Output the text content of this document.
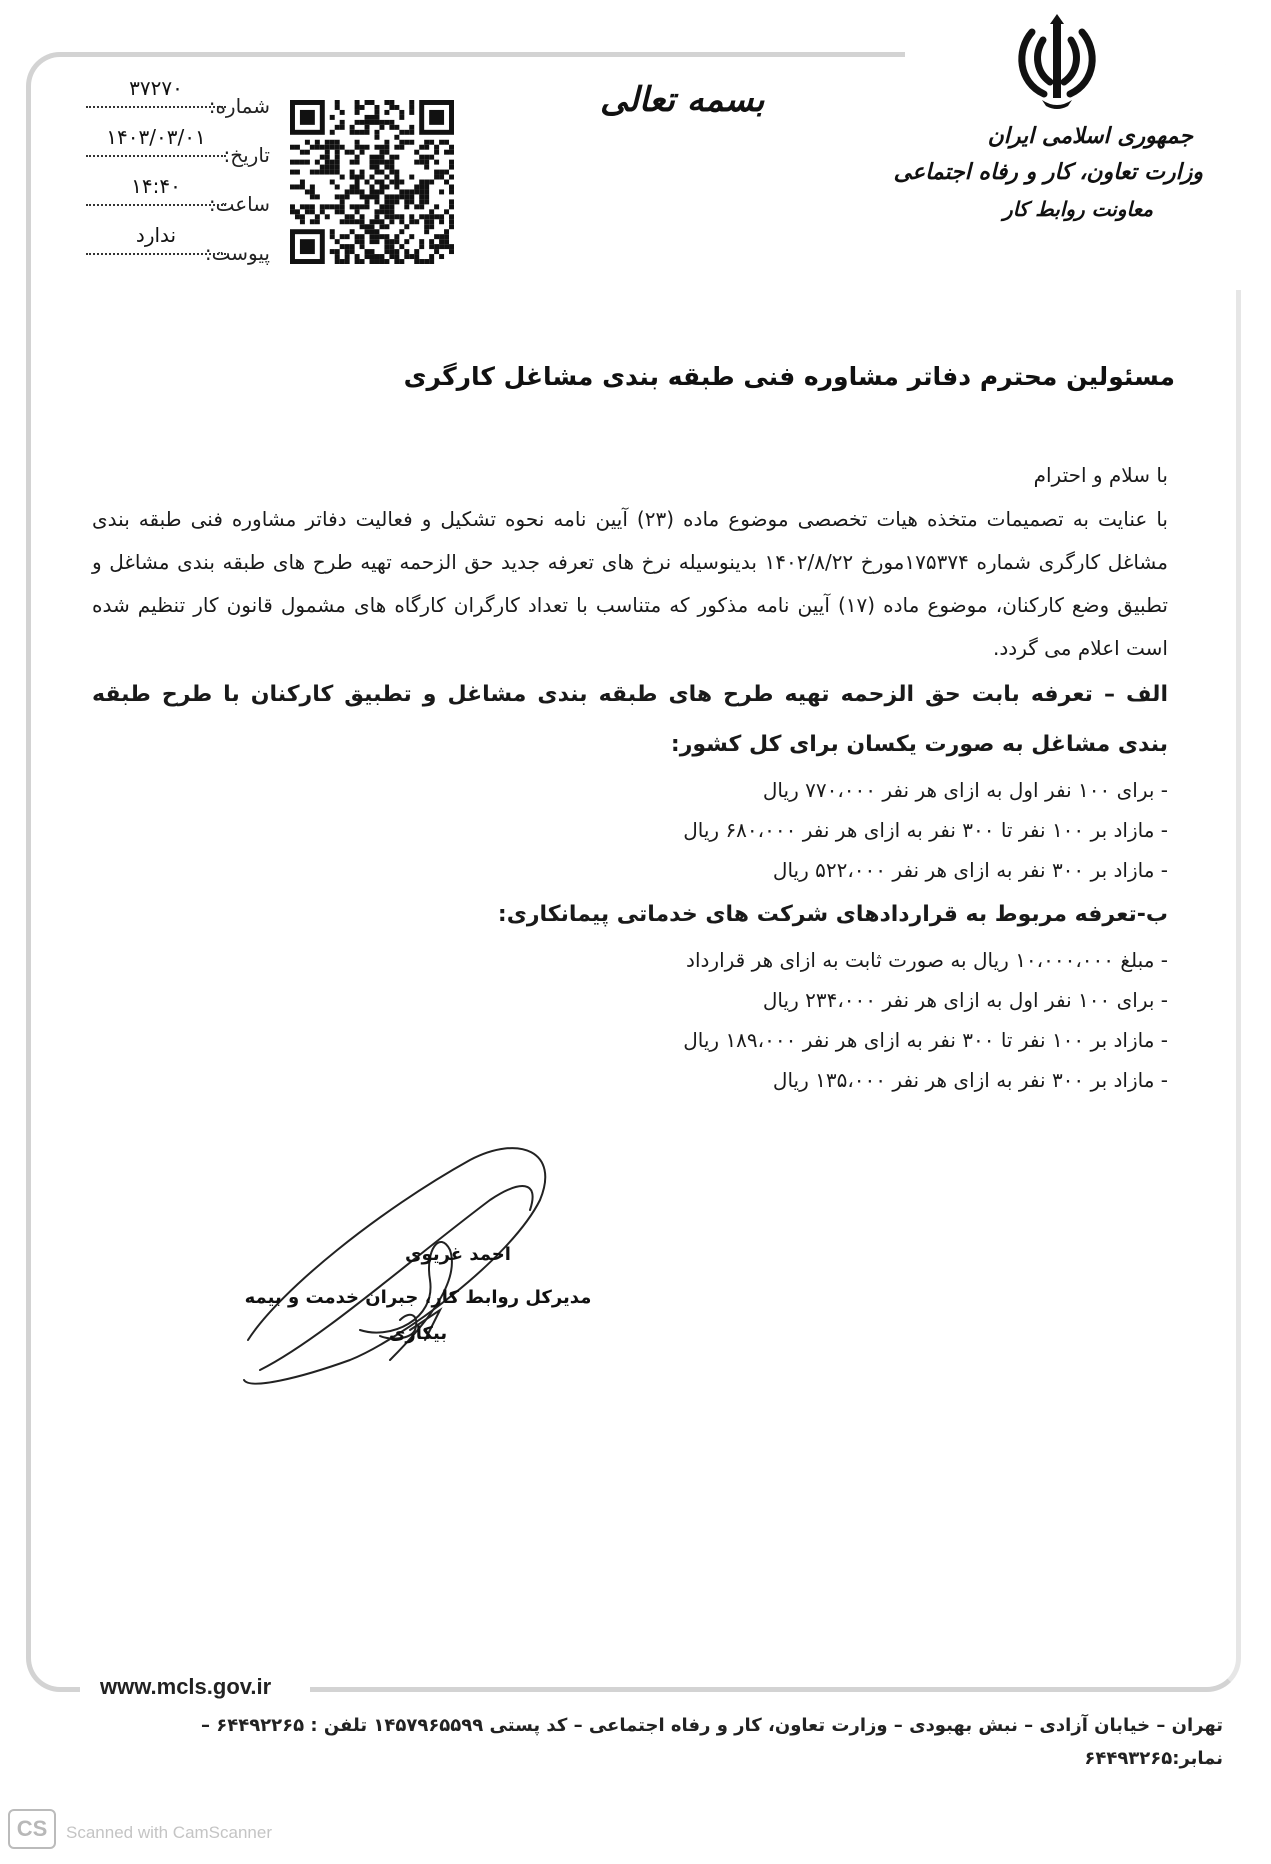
جمهوری اسلامی ایران
وزارت تعاون، کار و رفاه اجتماعی
معاونت روابط کار
بسمه تعالی
شماره:
۳۷۲۷۰
تاریخ:
۱۴۰۳/۰۳/۰۱
ساعت:
۱۴:۴۰
پیوست:
ندارد
مسئولین محترم دفاتر مشاوره فنی طبقه بندی مشاغل کارگری

با سلام و احترام

با عنایت به تصمیمات متخذه هیات تخصصی موضوع ماده (۲۳) آیین نامه نحوه تشکیل و فعالیت دفاتر مشاوره فنی طبقه بندی مشاغل کارگری شماره ۱۷۵۳۷۴مورخ ۱۴۰۲/۸/۲۲ بدینوسیله نرخ های تعرفه جدید حق الزحمه تهیه طرح های طبقه بندی مشاغل و تطبیق وضع کارکنان، موضوع ماده (۱۷) آیین نامه مذکور که متناسب با تعداد کارگران کارگاه های مشمول قانون کار تنظیم شده است اعلام می گردد.

الف – تعرفه بابت حق الزحمه تهیه طرح های طبقه بندی مشاغل و تطبیق کارکنان با طرح طبقه بندی مشاغل به صورت یکسان برای کل کشور:

- برای ۱۰۰ نفر اول به ازای هر نفر ۷۷۰،۰۰۰ ریال

- مازاد بر ۱۰۰ نفر تا ۳۰۰ نفر به ازای هر نفر ۶۸۰،۰۰۰ ریال

- مازاد بر ۳۰۰ نفر به ازای هر نفر ۵۲۲،۰۰۰ ریال

ب-تعرفه مربوط به قراردادهای شرکت های خدماتی پیمانکاری:

- مبلغ ۱۰،۰۰۰،۰۰۰ ریال به صورت ثابت به ازای هر قرارداد

- برای ۱۰۰ نفر اول به ازای هر نفر ۲۳۴،۰۰۰ ریال

- مازاد بر ۱۰۰ نفر تا ۳۰۰ نفر به ازای هر نفر ۱۸۹،۰۰۰ ریال

- مازاد بر ۳۰۰ نفر به ازای هر نفر ۱۳۵،۰۰۰ ریال

احمد غریوی
مدیرکل روابط کار، جبران خدمت و بیمه بیکاری
www.mcls.gov.ir
تهران – خیابان آزادی – نبش بهبودی – وزارت تعاون، کار و رفاه اجتماعی – کد پستی ۱۴۵۷۹۶۵۵۹۹ تلفن : ۶۴۴۹۲۲۶۵ –
نمابر:۶۴۴۹۳۲۶۵
CS	Scanned with CamScanner
